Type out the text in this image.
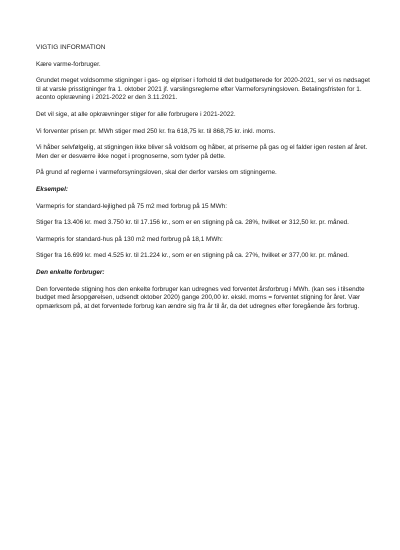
VIGTIG INFORMATION

Kære varme-forbruger.

Grundet meget voldsomme stigninger i gas- og elpriser i forhold til det budgetterede for 2020-2021, ser vi os nødsaget til at varsle prisstigninger fra 1. oktober 2021 jf. varslingsreglerne efter Varmeforsyningsloven. Betalingsfristen for 1. aconto opkrævning i 2021-2022 er den 3.11.2021.

Det vil sige, at alle opkrævninger stiger for alle forbrugere i 2021-2022.

Vi forventer prisen pr. MWh stiger med 250 kr. fra 618,75 kr. til 868,75 kr. inkl. moms.

Vi håber selvfølgelig, at stigningen ikke bliver så voldsom og håber, at priserne på gas og el falder igen resten af året. Men der er desværre ikke noget i prognoserne, som tyder på dette.

På grund af reglerne i varmeforsyningsloven, skal der derfor varsles om stigningerne.

Eksempel:

Varmepris for standard-lejlighed på 75 m2 med forbrug på 15 MWh:

Stiger fra 13.406 kr. med 3.750 kr. til 17.156 kr., som er en stigning på ca. 28%, hvilket er 312,50 kr. pr. måned.

Varmepris for standard-hus på 130 m2 med forbrug på 18,1 MWh:

Stiger fra 16.699 kr. med 4.525 kr. til 21.224 kr., som er en stigning på ca. 27%, hvilket er 377,00 kr. pr. måned.

Den enkelte forbruger:

Den forventede stigning hos den enkelte forbruger kan udregnes ved forventet årsforbrug i MWh. (kan ses i tilsendte budget med årsopgørelsen, udsendt oktober 2020) gange 200,00 kr. ekskl. moms = forventet stigning for året. Vær opmærksom på, at det forventede forbrug kan ændre sig fra år til år, da det udregnes efter foregående års forbrug.
